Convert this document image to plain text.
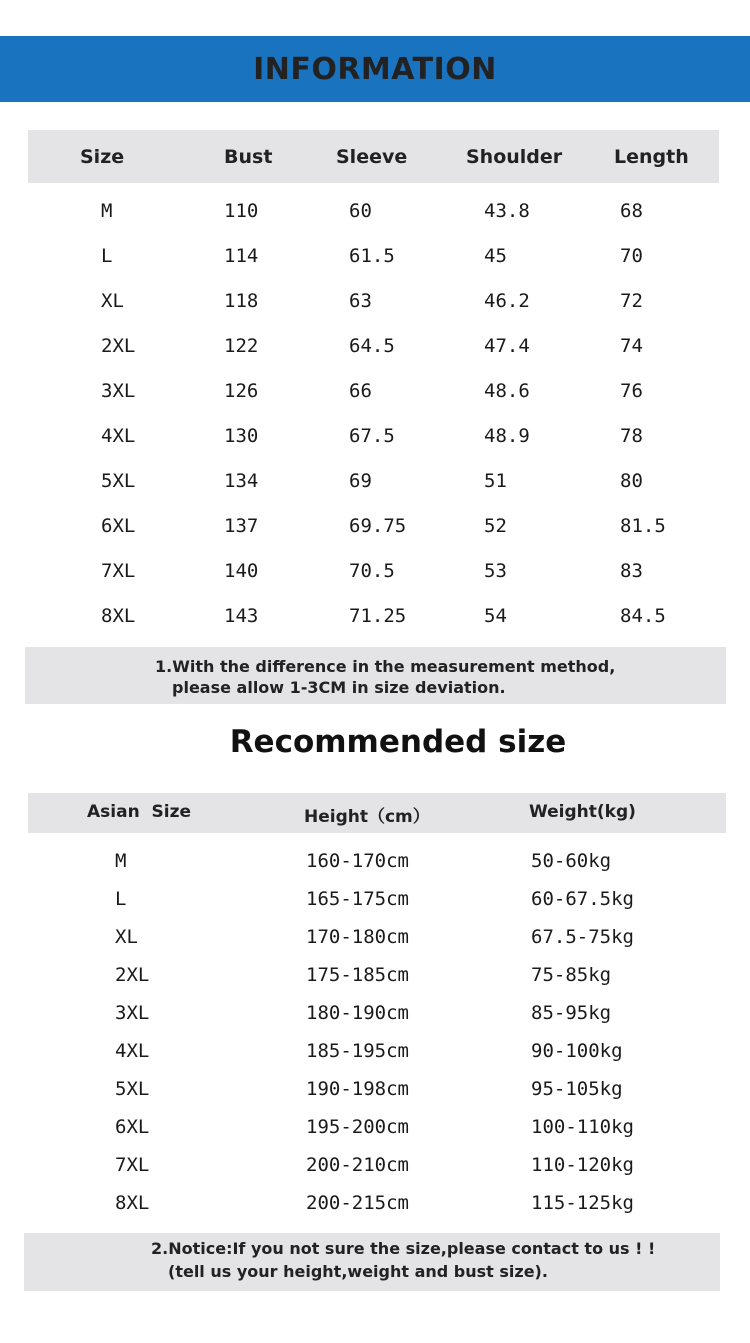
INFORMATION
Size	Bust	Sleeve	Shoulder	Length
M	110	60	43.8	68
L	114	61.5	45	70
XL	118	63	46.2	72
2XL	122	64.5	47.4	74
3XL	126	66	48.6	76
4XL	130	67.5	48.9	78
5XL	134	69	51	80
6XL	137	69.75	52	81.5
7XL	140	70.5	53	83
8XL	143	71.25	54	84.5
1.With the difference in the measurement method,
please allow 1-3CM in size deviation.
Recommended size
Asian  Size	Height（cm）	Weight(kg)
M	160-170cm	50-60kg
L	165-175cm	60-67.5kg
XL	170-180cm	67.5-75kg
2XL	175-185cm	75-85kg
3XL	180-190cm	85-95kg
4XL	185-195cm	90-100kg
5XL	190-198cm	95-105kg
6XL	195-200cm	100-110kg
7XL	200-210cm	110-120kg
8XL	200-215cm	115-125kg
2.Notice:If you not sure the size,please contact to us ! !
(tell us your height,weight and bust size).
